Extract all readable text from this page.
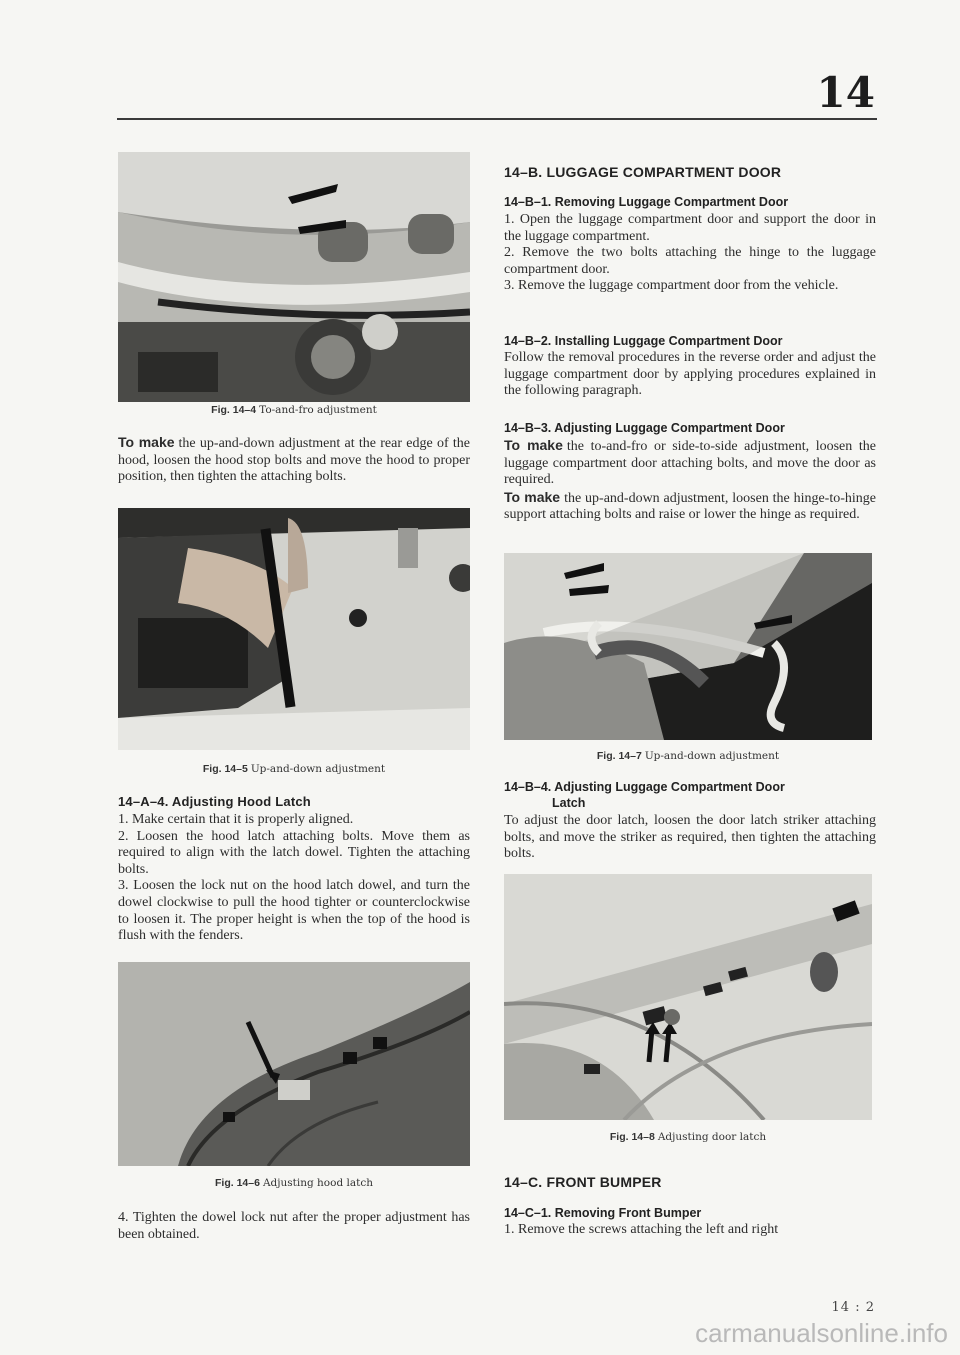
14
Fig. 14–4 To-and-fro adjustment

To make the up-and-down adjustment at the rear edge of the hood, loosen the hood stop bolts and move the hood to proper position, then tighten the attaching bolts.

Fig. 14–5 Up-and-down adjustment
14–A–4. Adjusting Hood Latch

1. Make certain that it is properly aligned.

2. Loosen the hood latch attaching bolts. Move them as required to align with the latch dowel. Tighten the attaching bolts.

3. Loosen the lock nut on the hood latch dowel, and turn the dowel clockwise to pull the hood tighter or counterclockwise to loosen it. The proper height is when the top of the hood is flush with the fenders.

Fig. 14–6 Adjusting hood latch

4. Tighten the dowel lock nut after the proper adjustment has been obtained.

14–B. LUGGAGE COMPARTMENT DOOR
14–B–1. Removing Luggage Compartment Door

1. Open the luggage compartment door and support the door in the luggage compartment.

2. Remove the two bolts attaching the hinge to the luggage compartment door.

3. Remove the luggage compartment door from the vehicle.

14–B–2. Installing Luggage Compartment Door

Follow the removal procedures in the reverse order and adjust the luggage compartment door by applying procedures explained in the following paragraph.

14–B–3. Adjusting Luggage Compartment Door

To make the to-and-fro or side-to-side adjustment, loosen the luggage compartment door attaching bolts, and move the door as required.

To make the up-and-down adjustment, loosen the hinge-to-hinge support attaching bolts and raise or lower the hinge as required.

Fig. 14–7 Up-and-down adjustment
14–B–4. Adjusting Luggage Compartment Door
Latch

To adjust the door latch, loosen the door latch striker attaching bolts, and move the striker as required, then tighten the attaching bolts.

Fig. 14–8 Adjusting door latch
14–C. FRONT BUMPER
14–C–1. Removing Front Bumper

1. Remove the screws attaching the left and right

14 : 2
carmanualsonline.info
